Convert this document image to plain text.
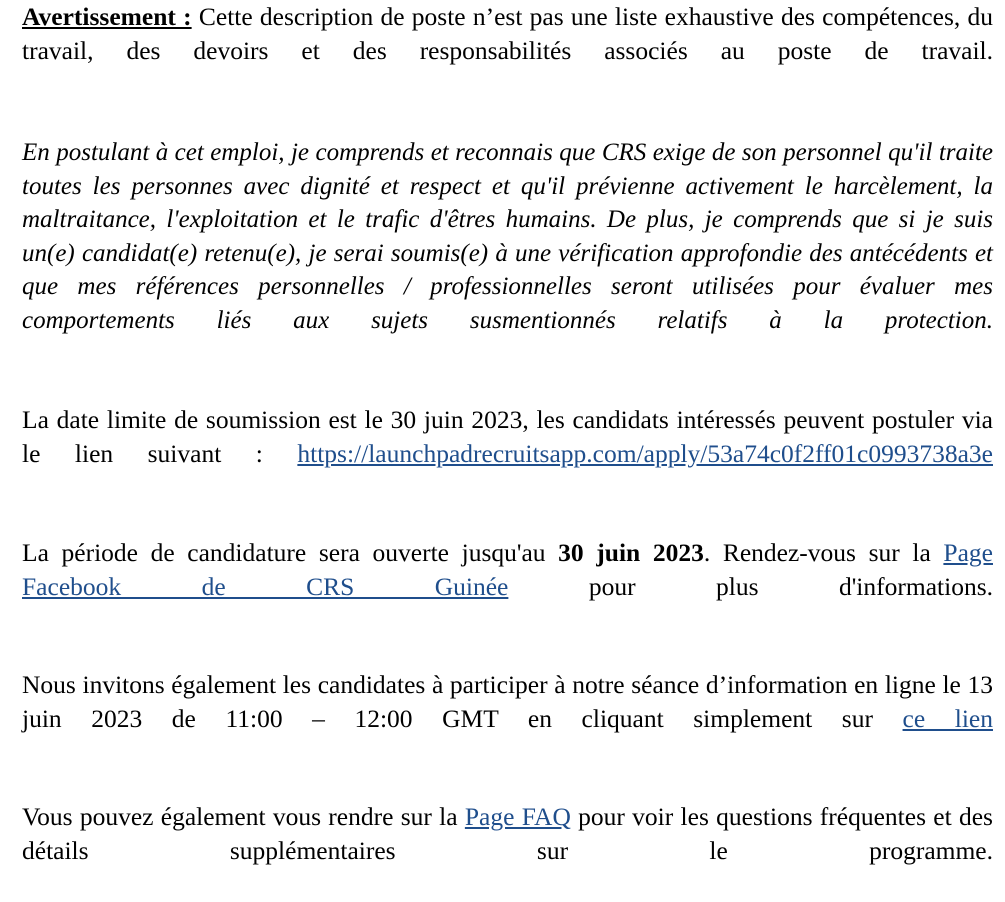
Avertissement : Cette description de poste n’est pas une liste exhaustive des compétences, du travail, des devoirs et des responsabilités associés au poste de travail.

En postulant à cet emploi, je comprends et reconnais que CRS exige de son personnel qu'il traite toutes les personnes avec dignité et respect et qu'il prévienne activement le harcèlement, la maltraitance, l'exploitation et le trafic d'êtres humains. De plus, je comprends que si je suis un(e) candidat(e) retenu(e), je serai soumis(e) à une vérification approfondie des antécédents et que mes références personnelles / professionnelles seront utilisées pour évaluer mes comportements liés aux sujets susmentionnés relatifs à la protection.

La date limite de soumission est le 30 juin 2023, les candidats intéressés peuvent postuler via le lien suivant : https://launchpadrecruitsapp.com/apply/53a74c0f2ff01c0993738a3e

La période de candidature sera ouverte jusqu'au 30 juin 2023. Rendez-vous sur la Page Facebook de CRS Guinée pour plus d'informations.

Nous invitons également les candidates à participer à notre séance d’information en ligne le 13 juin 2023 de 11:00 – 12:00 GMT en cliquant simplement sur ce lien

Vous pouvez également vous rendre sur la Page FAQ pour voir les questions fréquentes et des détails supplémentaires sur le programme.
